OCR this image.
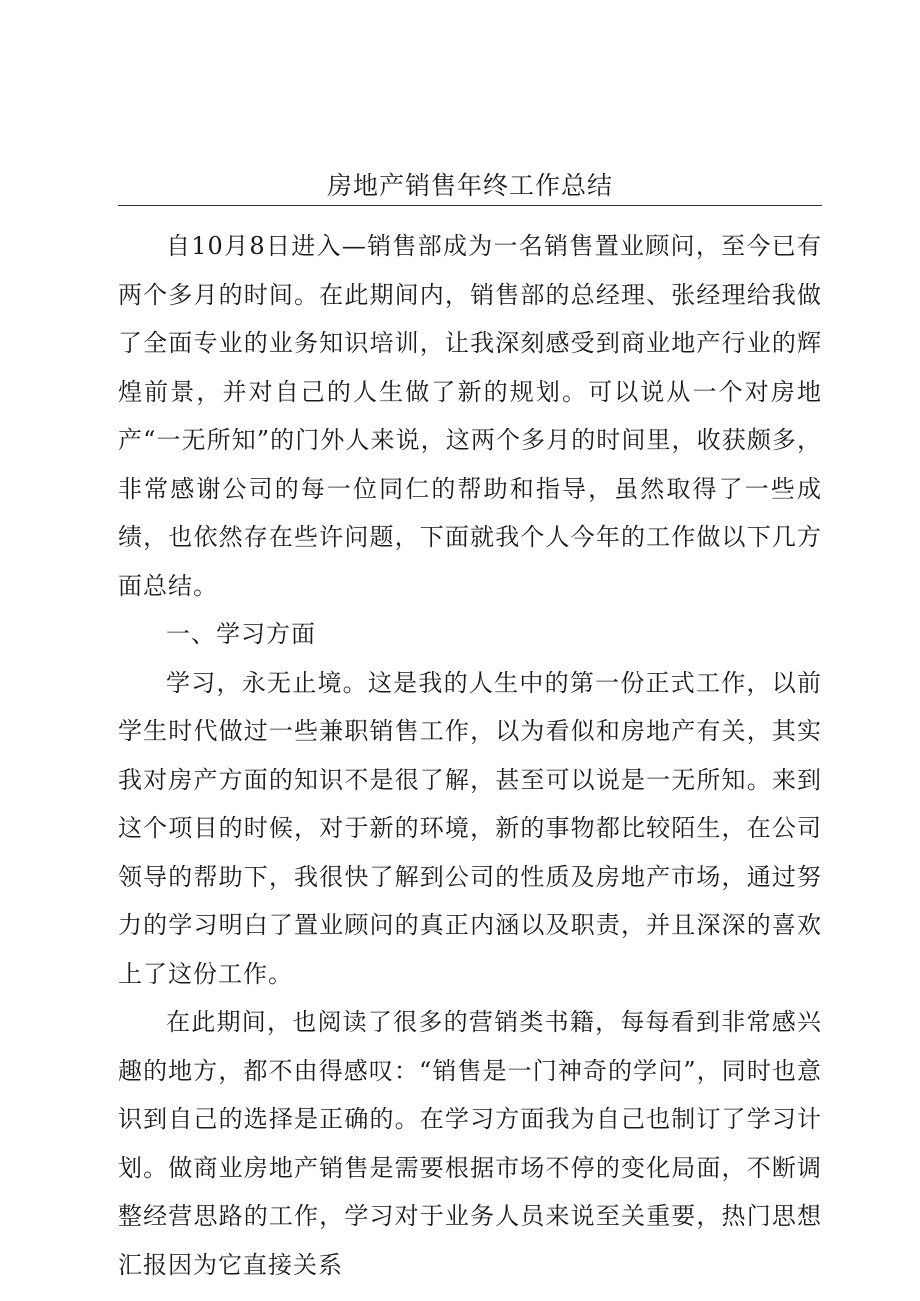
房地产销售年终工作总结

自10月8日进入—销售部成为一名销售置业顾问，至今已有两个多月的时间。在此期间内，销售部的总经理、张经理给我做了全面专业的业务知识培训，让我深刻感受到商业地产行业的辉煌前景，并对自己的人生做了新的规划。可以说从一个对房地产“一无所知”的门外人来说，这两个多月的时间里，收获颇多，非常感谢公司的每一位同仁的帮助和指导，虽然取得了一些成绩，也依然存在些许问题，下面就我个人今年的工作做以下几方面总结。

一、学习方面

学习，永无止境。这是我的人生中的第一份正式工作，以前学生时代做过一些兼职销售工作，以为看似和房地产有关，其实我对房产方面的知识不是很了解，甚至可以说是一无所知。来到这个项目的时候，对于新的环境，新的事物都比较陌生，在公司领导的帮助下，我很快了解到公司的性质及房地产市场，通过努力的学习明白了置业顾问的真正内涵以及职责，并且深深的喜欢上了这份工作。

在此期间，也阅读了很多的营销类书籍，每每看到非常感兴趣的地方，都不由得感叹：“销售是一门神奇的学问”，同时也意识到自己的选择是正确的。在学习方面我为自己也制订了学习计划。做商业房地产销售是需要根据市场不停的变化局面，不断调整经营思路的工作，学习对于业务人员来说至关重要，热门思想汇报因为它直接关系
